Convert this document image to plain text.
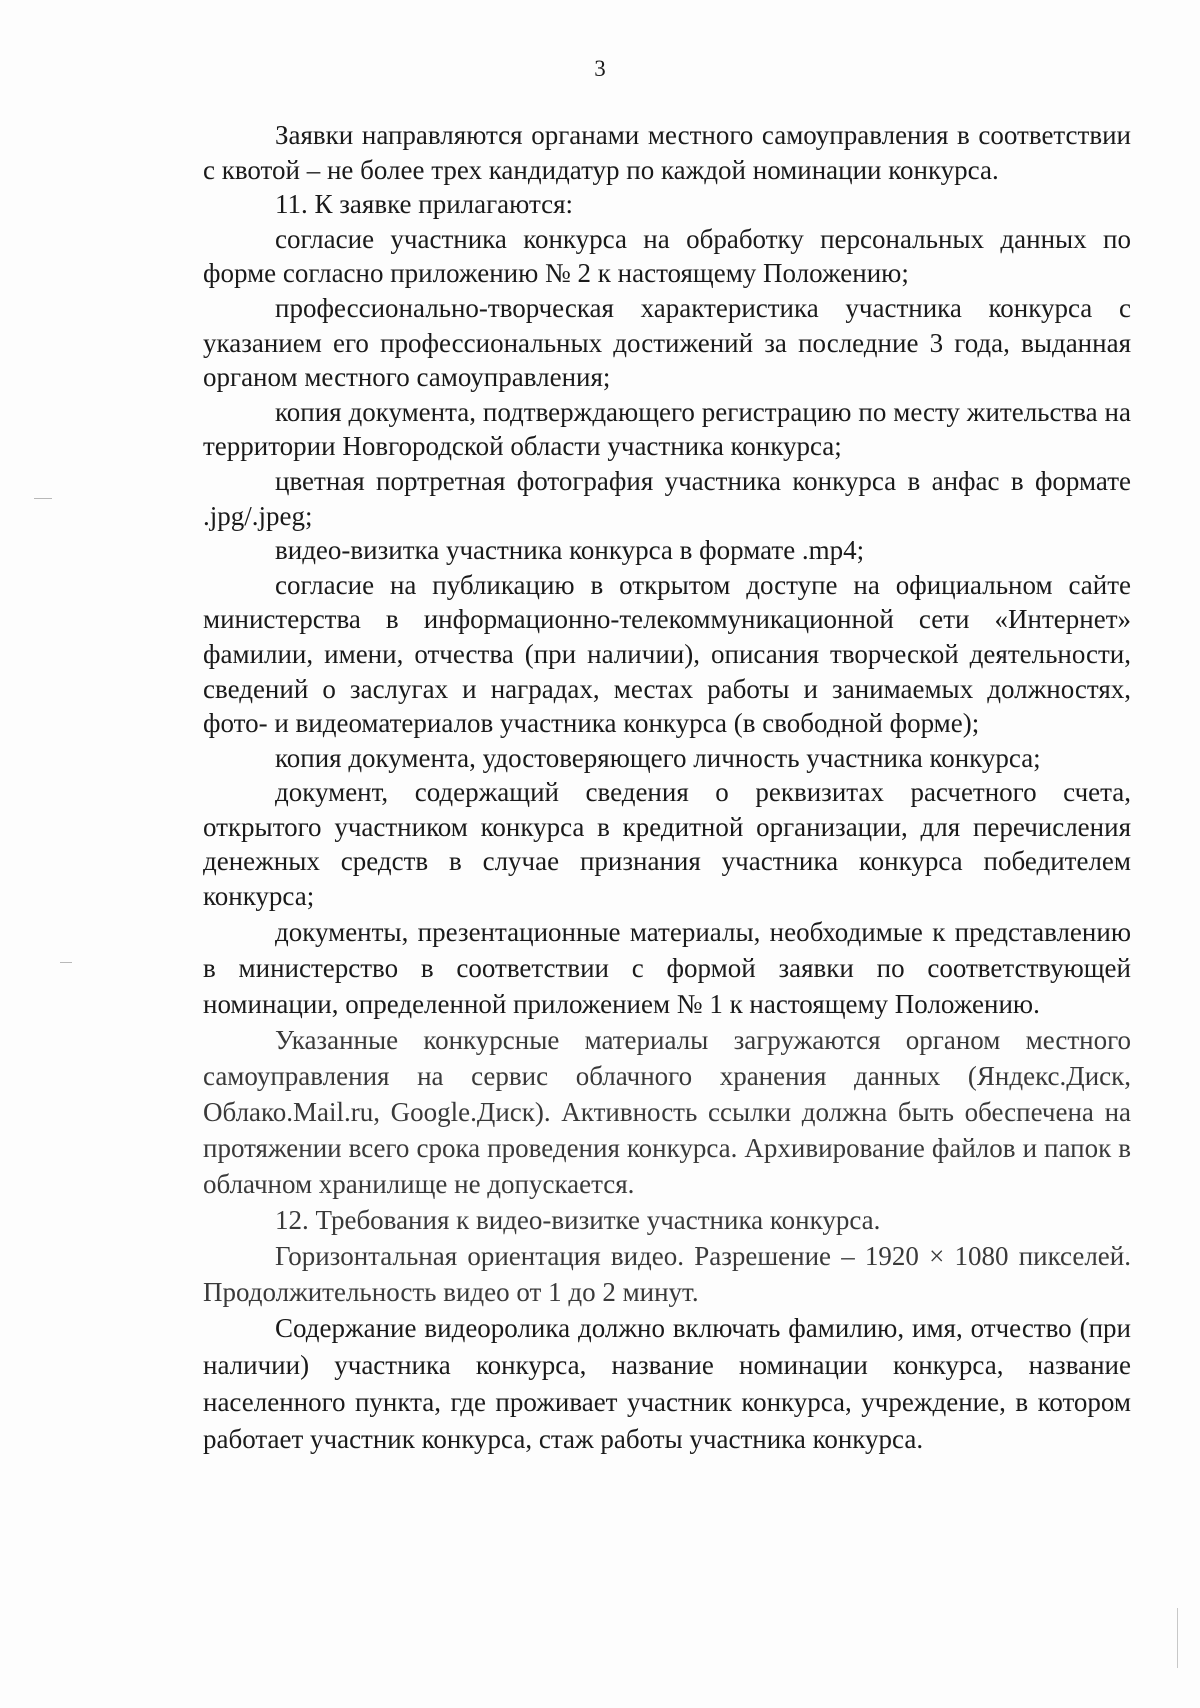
3

Заявки направляются органами местного самоуправления в соответствии с квотой – не более трех кандидатур по каждой номинации конкурса.

11. К заявке прилагаются:

согласие участника конкурса на обработку персональных данных по форме согласно приложению № 2 к настоящему Положению;

профессионально-творческая характеристика участника конкурса с указанием его профессиональных достижений за последние 3 года, выданная органом местного самоуправления;

копия документа, подтверждающего регистрацию по месту жительства на территории Новгородской области участника конкурса;

цветная портретная фотография участника конкурса в анфас в формате .jpg/.jpeg;

видео-визитка участника конкурса в формате .mp4;

согласие на публикацию в открытом доступе на официальном сайте министерства в информационно-телекоммуникационной сети «Интернет» фамилии, имени, отчества (при наличии), описания творческой деятельности, сведений о заслугах и наградах, местах работы и занимаемых должностях, фото- и видеоматериалов участника конкурса (в свободной форме);

копия документа, удостоверяющего личность участника конкурса;

документ, содержащий сведения о реквизитах расчетного счета, открытого участником конкурса в кредитной организации, для перечисления денежных средств в случае признания участника конкурса победителем конкурса;

документы, презентационные материалы, необходимые к представлению в министерство в соответствии с формой заявки по соответствующей номинации, определенной приложением № 1 к настоящему Положению.

Указанные конкурсные материалы загружаются органом местного самоуправления на сервис облачного хранения данных (Яндекс.Диск, Облако.Mail.ru, Google.Диск). Активность ссылки должна быть обеспечена на протяжении всего срока проведения конкурса. Архивирование файлов и папок в облачном хранилище не допускается.

12. Требования к видео-визитке участника конкурса.

Горизонтальная ориентация видео. Разрешение – 1920 × 1080 пикселей. Продолжительность видео от 1 до 2 минут.

Содержание видеоролика должно включать фамилию, имя, отчество (при наличии) участника конкурса, название номинации конкурса, название населенного пункта, где проживает участник конкурса, учреждение, в котором работает участник конкурса, стаж работы участника конкурса.
